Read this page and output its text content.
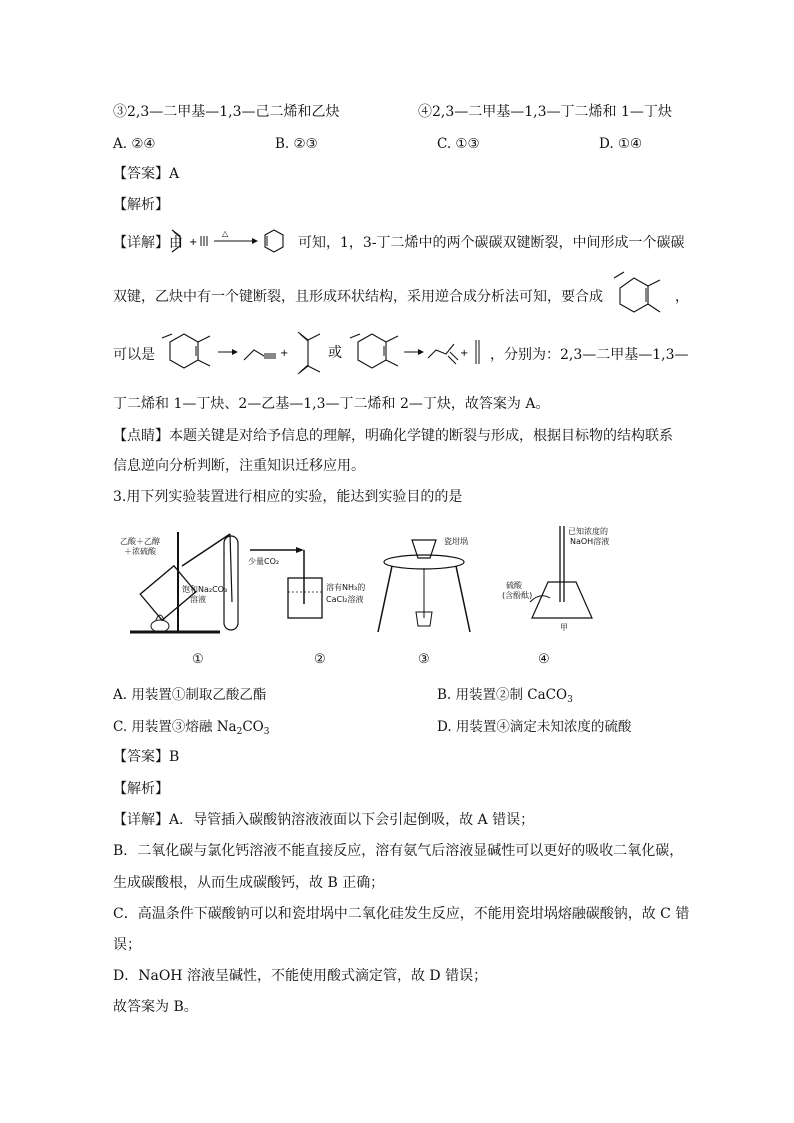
③2,3—二甲基—1,3—己二烯和乙炔	④2,3—二甲基—1,3—丁二烯和 1—丁炔
A. ②④	B. ②③	C. ①③	D. ①④
【答案】A
【解析】
【详解】由 +
△
可知，1，3-丁二烯中的两个碳碳双键断裂，中间形成一个碳碳
双键，乙炔中有一个键断裂，且形成环状结构，采用逆合成分析法可知，要合成	，
可以是	+	或	+ ，分别为：2,3—二甲基—1,3—
丁二烯和 1—丁炔、2—乙基—1,3—丁二烯和 2—丁炔，故答案为 A。
【点睛】本题关键是对给予信息的理解，明确化学键的断裂与形成，根据目标物的结构联系
信息逆向分析判断，注重知识迁移应用。
3.用下列实验装置进行相应的实验，能达到实验目的的是
乙酸＋乙醇
＋浓硫酸
饱和Na₂CO₃
溶液
少量CO₂
溶有NH₃的
CaCl₂溶液
瓷坩埚
已知浓度的
NaOH溶液
硫酸
(含酚酞)
甲
①	②	③	④
A. 用装置①制取乙酸乙酯	B. 用装置②制 CaCO$_3$
C. 用装置③熔融 $Na_2CO_3$	D. 用装置④滴定未知浓度的硫酸
【答案】B
【解析】
【详解】A．导管插入碳酸钠溶液液面以下会引起倒吸，故 A 错误；
B．二氧化碳与氯化钙溶液不能直接反应，溶有氨气后溶液显碱性可以更好的吸收二氧化碳，
生成碳酸根，从而生成碳酸钙，故 B 正确；
C．高温条件下碳酸钠可以和瓷坩埚中二氧化硅发生反应，不能用瓷坩埚熔融碳酸钠，故 C 错
误；
D．NaOH 溶液呈碱性，不能使用酸式滴定管，故 D 错误；
故答案为 B。
